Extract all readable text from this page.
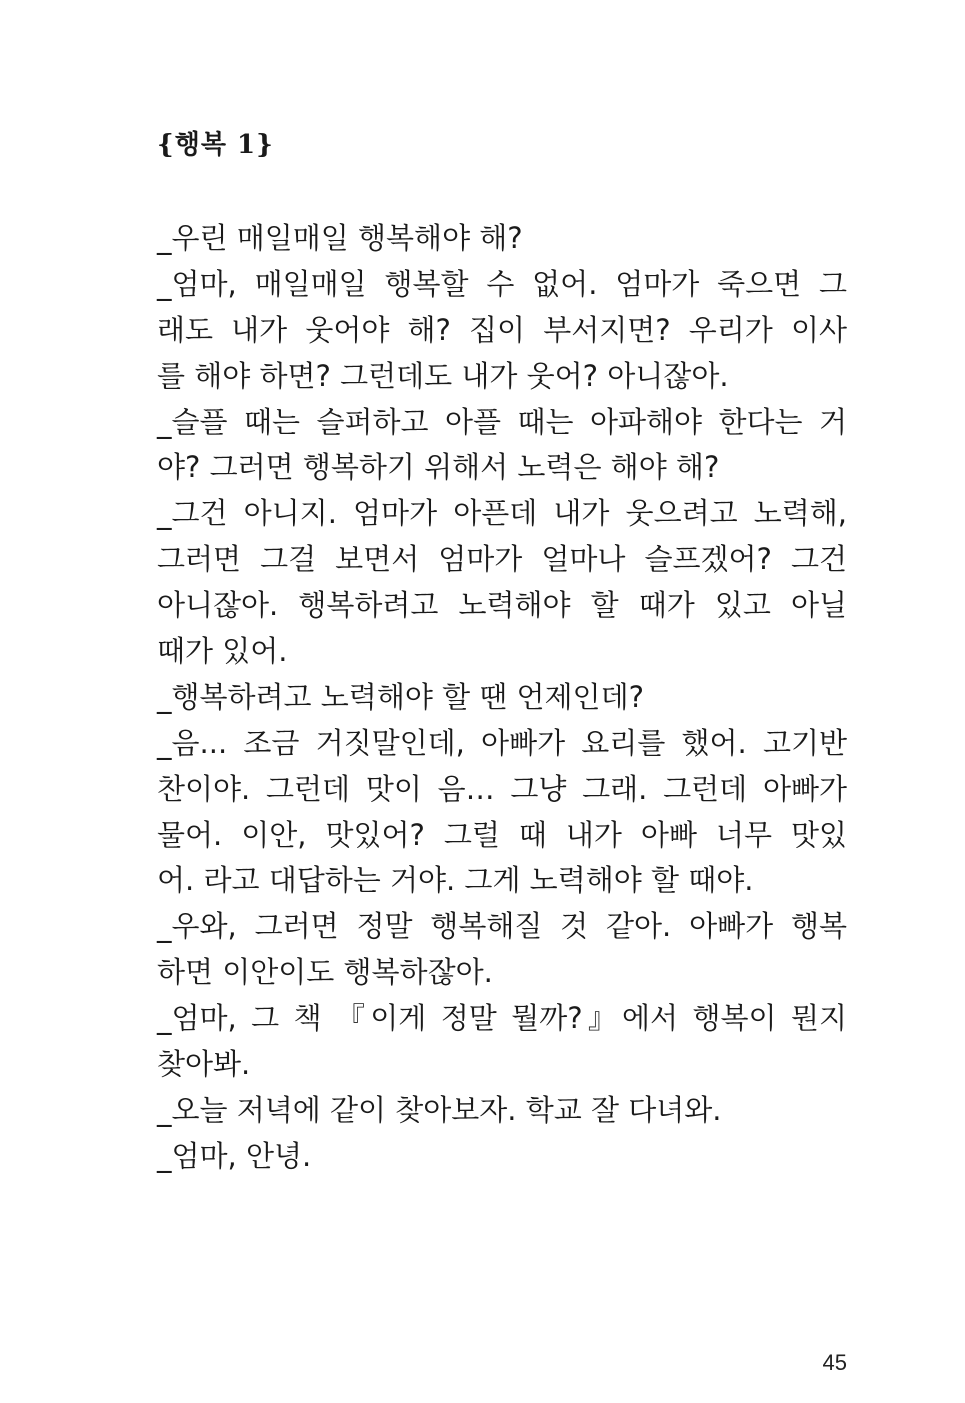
{행복 1}
_우린 매일매일 행복해야 해?
_엄마, 매일매일 행복할 수 없어. 엄마가 죽으면 그
래도 내가 웃어야 해? 집이 부서지면? 우리가 이사
를 해야 하면? 그런데도 내가 웃어? 아니잖아.
_슬플 때는 슬퍼하고 아플 때는 아파해야 한다는 거
야? 그러면 행복하기 위해서 노력은 해야 해?
_그건 아니지. 엄마가 아픈데 내가 웃으려고 노력해,
그러면 그걸 보면서 엄마가 얼마나 슬프겠어? 그건
아니잖아. 행복하려고 노력해야 할 때가 있고 아닐
때가 있어.
_행복하려고 노력해야 할 땐 언제인데?
_음... 조금 거짓말인데, 아빠가 요리를 했어. 고기반
찬이야. 그런데 맛이 음… 그냥 그래. 그런데 아빠가
물어. 이안, 맛있어? 그럴 때 내가 아빠 너무 맛있
어. 라고 대답하는 거야. 그게 노력해야 할 때야.
_우와, 그러면 정말 행복해질 것 같아. 아빠가 행복
하면 이안이도 행복하잖아.
_엄마, 그 책 『이게 정말 뭘까?』에서 행복이 뭔지
찾아봐.
_오늘 저녁에 같이 찾아보자. 학교 잘 다녀와.
_엄마, 안녕.
45
